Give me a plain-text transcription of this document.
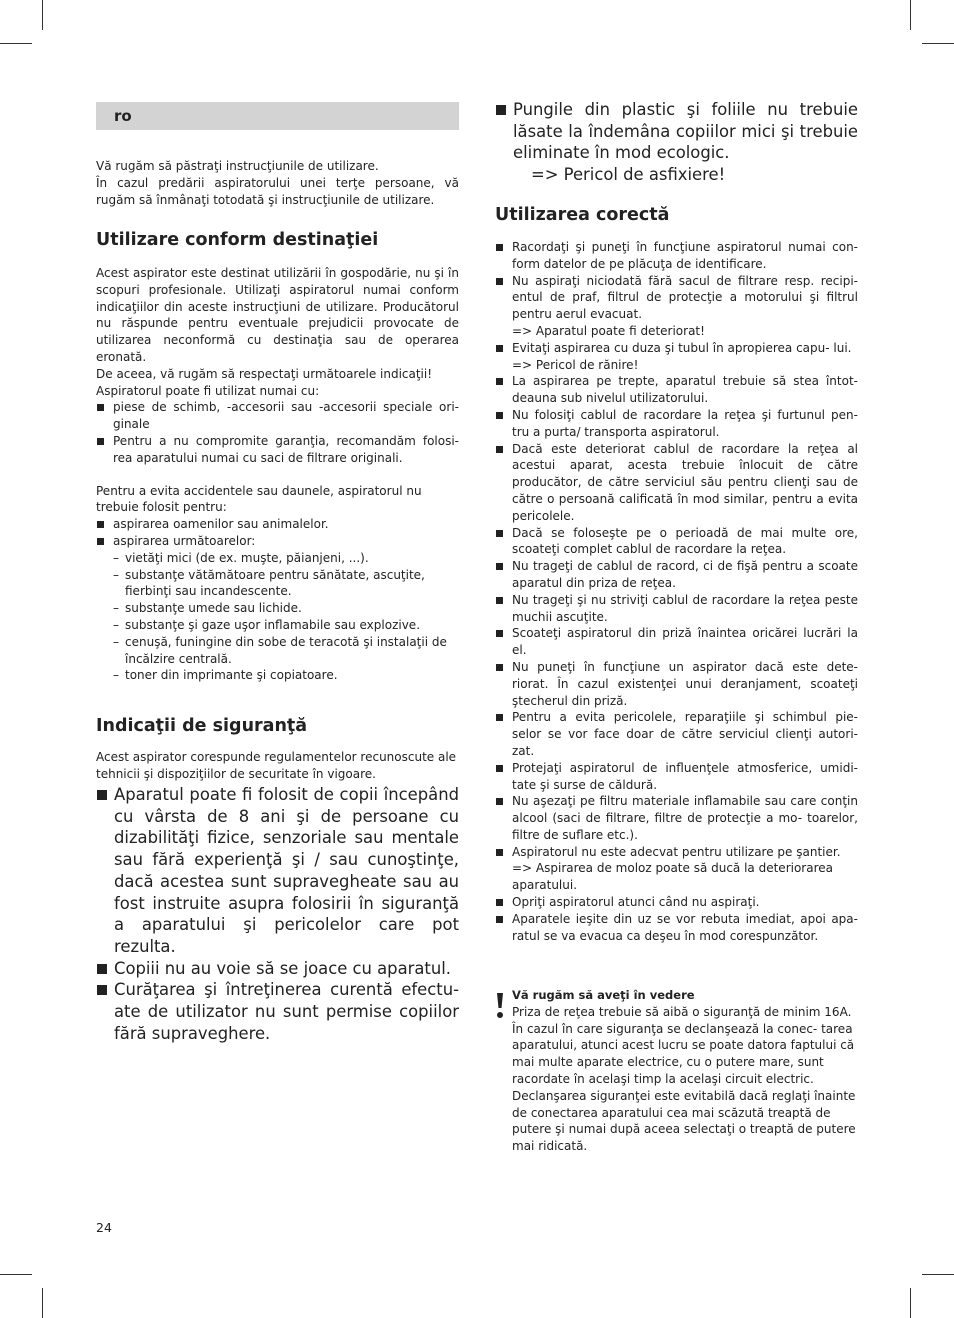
ro

Vă rugăm să păstraţi instrucţiunile de utilizare.

În cazul predării aspiratorului unei terţe persoane, vă rugăm să înmânaţi totodată şi instrucţiunile de utilizare.

Utilizare conform destinaţiei

Acest aspirator este destinat utilizării în gospodărie, nu şi în scopuri profesionale. Utilizaţi aspiratorul numai conform indicaţiilor din aceste instrucţiuni de utilizare. Producătorul nu răspunde pentru eventuale prejudicii provocate de utilizarea neconformă cu destinaţia sau de operarea eronată.

De aceea, vă rugăm să respectaţi următoarele indicaţii!

Aspiratorul poate fi utilizat numai cu:

piese de schimb, -accesorii sau -accesorii speciale ori- ginale
Pentru a nu compromite garanţia, recomandăm folosi- rea aparatului numai cu saci de filtrare originali.

Pentru a evita accidentele sau daunele, aspiratorul nu trebuie folosit pentru:

aspirarea oamenilor sau animalelor.
aspirarea următoarelor:
– vietăţi mici (de ex. muşte, păianjeni, ...).
– substanţe vătămătoare pentru sănătate, ascuţite, fierbinţi sau incandescente.
– substanţe umede sau lichide.
– substanţe şi gaze uşor inflamabile sau explozive.
– cenuşă, funingine din sobe de teracotă şi instalaţii de încălzire centrală.
– toner din imprimante şi copiatoare.
Indicaţii de siguranţă

Acest aspirator corespunde regulamentelor recunoscute ale tehnicii şi dispoziţiilor de securitate în vigoare.

Aparatul poate fi folosit de copii începând cu vârsta de 8 ani şi de persoane cu dizabilităţi fizice, senzoriale sau mentale sau fără experienţă şi / sau cunoştinţe, dacă acestea sunt supravegheate sau au fost instruite asupra folosirii în siguranţă a aparatului şi pericolelor care pot rezulta.
Copiii nu au voie să se joace cu aparatul.
Curăţarea şi întreţinerea curentă efectu- ate de utilizator nu sunt permise copiilor fără supraveghere.
Pungile din plastic şi foliile nu trebuie lăsate la îndemâna copiilor mici şi trebuie eliminate în mod ecologic.

=> Pericol de asfixiere!

Utilizarea corectă
Racordaţi şi puneţi în funcţiune aspiratorul numai con- form datelor de pe plăcuţa de identificare.
Nu aspiraţi niciodată fără sacul de filtrare resp. recipi- entul de praf, filtrul de protecţie a motorului şi filtrul pentru aerul evacuat.

=> Aparatul poate fi deteriorat!

Evitaţi aspirarea cu duza şi tubul în apropierea capu- lui.

=> Pericol de rănire!

La aspirarea pe trepte, aparatul trebuie să stea întot- deauna sub nivelul utilizatorului.
Nu folosiţi cablul de racordare la reţea şi furtunul pen- tru a purta/ transporta aspiratorul.
Dacă este deteriorat cablul de racordare la reţea al acestui aparat, acesta trebuie înlocuit de către producător, de către serviciul său pentru clienţi sau de către o persoană calificată în mod similar, pentru a evita pericolele.
Dacă se foloseşte pe o perioadă de mai multe ore, scoateţi complet cablul de racordare la reţea.
Nu trageţi de cablul de racord, ci de fişă pentru a scoate aparatul din priza de reţea.
Nu trageţi şi nu striviţi cablul de racordare la reţea peste muchii ascuţite.
Scoateţi aspiratorul din priză înaintea oricărei lucrări la el.
Nu puneţi în funcţiune un aspirator dacă este dete- riorat. În cazul existenţei unui deranjament, scoateţi ştecherul din priză.
Pentru a evita pericolele, reparaţiile şi schimbul pie- selor se vor face doar de către serviciul clienţi autori- zat.
Protejaţi aspiratorul de influenţele atmosferice, umidi- tate şi surse de căldură.
Nu aşezaţi pe filtru materiale inflamabile sau care conţin alcool (saci de filtrare, filtre de protecţie a mo- toarelor, filtre de suflare etc.).
Aspiratorul nu este adecvat pentru utilizare pe şantier.

=> Aspirarea de moloz poate să ducă la deteriorarea aparatului.

Opriţi aspiratorul atunci când nu aspiraţi.
Aparatele ieşite din uz se vor rebuta imediat, apoi apa- ratul se va evacua ca deşeu în mod corespunzător.

Vă rugăm să aveţi în vedere

Priza de reţea trebuie să aibă o siguranţă de minim 16A.

În cazul în care siguranţa se declanşează la conec- tarea aparatului, atunci acest lucru se poate datora faptului că mai multe aparate electrice, cu o putere mare, sunt racordate în acelaşi timp la acelaşi circuit electric.

Declanşarea siguranţei este evitabilă dacă reglaţi înainte de conectarea aparatului cea mai scăzută treaptă de putere şi numai după aceea selectaţi o treaptă de putere mai ridicată.

24
